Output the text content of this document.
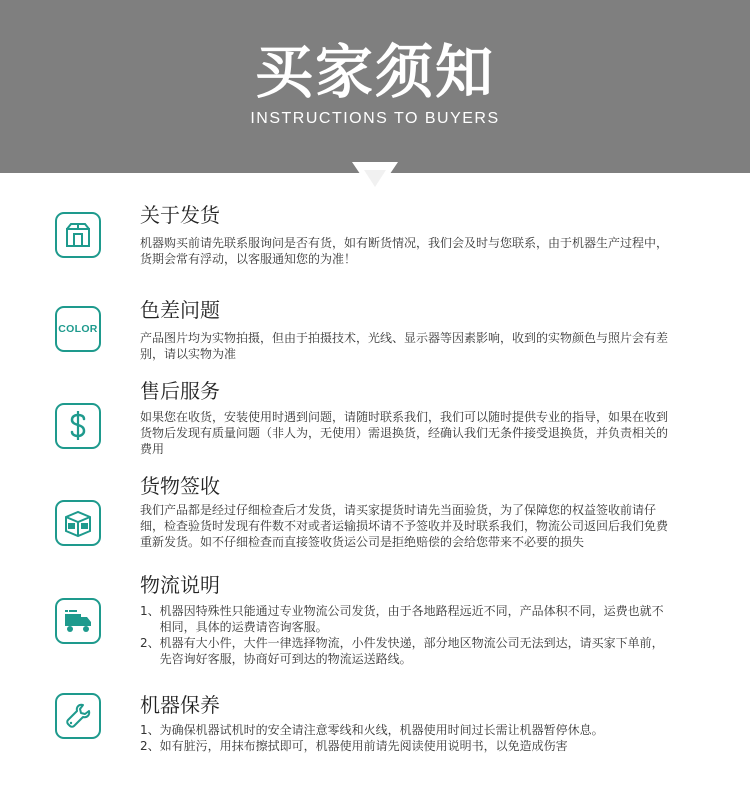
买家须知
INSTRUCTIONS TO BUYERS
关于发货

机器购买前请先联系服询问是否有货，如有断货情况，我们会及时与您联系，由于机器生产过程中，货期会常有浮动，以客服通知您的为准！

COLOR
色差问题

产品图片均为实物拍摄，但由于拍摄技术，光线、显示器等因素影响，收到的实物颜色与照片会有差别，请以实物为准

售后服务

如果您在收货，安装使用时遇到问题，请随时联系我们，我们可以随时提供专业的指导，如果在收到货物后发现有质量问题（非人为，无使用）需退换货，经确认我们无条件接受退换货，并负责相关的费用

货物签收

我们产品都是经过仔细检查后才发货，请买家提货时请先当面验货，为了保障您的权益签收前请仔细，检查验货时发现有件数不对或者运输损坏请不予签收并及时联系我们，物流公司返回后我们免费重新发货。如不仔细检查而直接签收货运公司是拒绝赔偿的会给您带来不必要的损失

物流说明
1、 机器因特殊性只能通过专业物流公司发货，由于各地路程远近不同，产品体积不同，运费也就不相同，具体的运费请咨询客服。
2、 机器有大小件，大件一律选择物流，小件发快递，部分地区物流公司无法到达，请买家下单前，先咨询好客服，协商好可到达的物流运送路线。
机器保养
1、 为确保机器试机时的安全请注意零线和火线，机器使用时间过长需让机器暂停休息。
2、 如有脏污，用抹布擦拭即可，机器使用前请先阅读使用说明书，以免造成伤害
